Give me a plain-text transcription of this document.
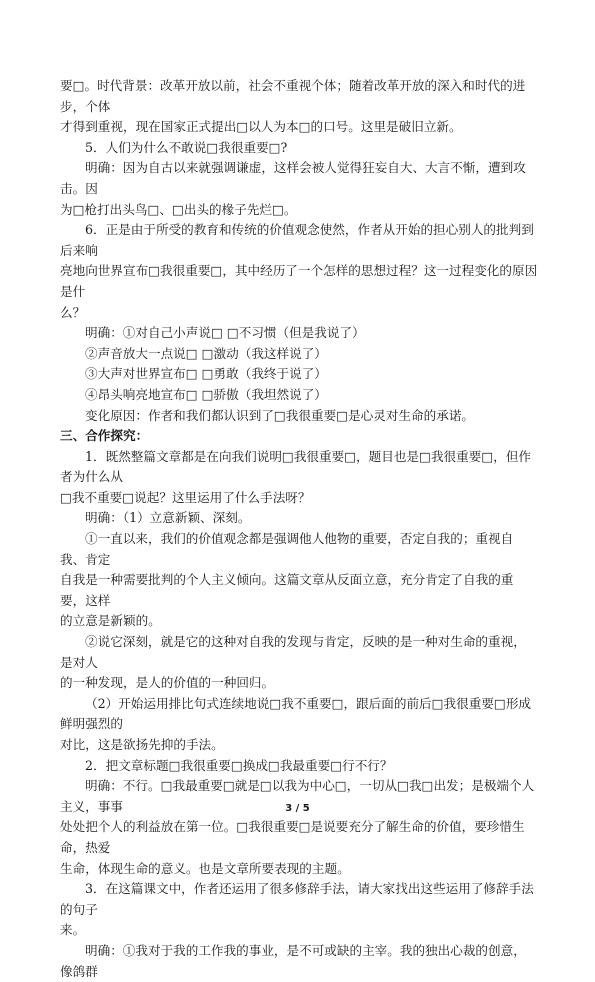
要□。时代背景：改革开放以前，社会不重视个体；随着改革开放的深入和时代的进步，个体

才得到重视，现在国家正式提出□以人为本□的口号。这里是破旧立新。

5．人们为什么不敢说□我很重要□?

明确：因为自古以来就强调谦虚，这样会被人觉得狂妄自大、大言不惭，遭到攻击。因

为□枪打出头鸟□、□出头的椽子先烂□。

6．正是由于所受的教育和传统的价值观念使然，作者从开始的担心别人的批判到后来响

亮地向世界宣布□我很重要□，其中经历了一个怎样的思想过程？这一过程变化的原因是什

么？

明确：①对自己小声说□ □不习惯（但是我说了）

②声音放大一点说□ □激动（我这样说了）

③大声对世界宣布□ □勇敢（我终于说了）

④昂头响亮地宣布□ □骄傲（我坦然说了）

变化原因：作者和我们都认识到了□我很重要□是心灵对生命的承诺。

三、合作探究：

1．既然整篇文章都是在向我们说明□我很重要□，题目也是□我很重要□，但作者为什么从

□我不重要□说起？这里运用了什么手法呀？

明确：（1）立意新颖、深刻。

①一直以来，我们的价值观念都是强调他人他物的重要，否定自我的；重视自我、肯定

自我是一种需要批判的个人主义倾向。这篇文章从反面立意，充分肯定了自我的重要，这样

的立意是新颖的。

②说它深刻，就是它的这种对自我的发现与肯定，反映的是一种对生命的重视，是对人

的一种发现，是人的价值的一种回归。

（2）开始运用排比句式连续地说□我不重要□，跟后面的前后□我很重要□形成鲜明强烈的

对比，这是欲扬先抑的手法。

2．把文章标题□我很重要□换成□我最重要□行不行？

明确：不行。□我最重要□就是□以我为中心□，一切从□我□出发；是极端个人主义，事事

处处把个人的利益放在第一位。□我很重要□是说要充分了解生命的价值，要珍惜生命，热爱

生命，体现生命的意义。也是文章所要表现的主题。

3．在这篇课文中，作者还运用了很多修辞手法，请大家找出这些运用了修辞手法的句子

来。

明确：①我对于我的工作我的事业，是不可或缺的主宰。我的独出心裁的创意，像鸽群

3 / 5
